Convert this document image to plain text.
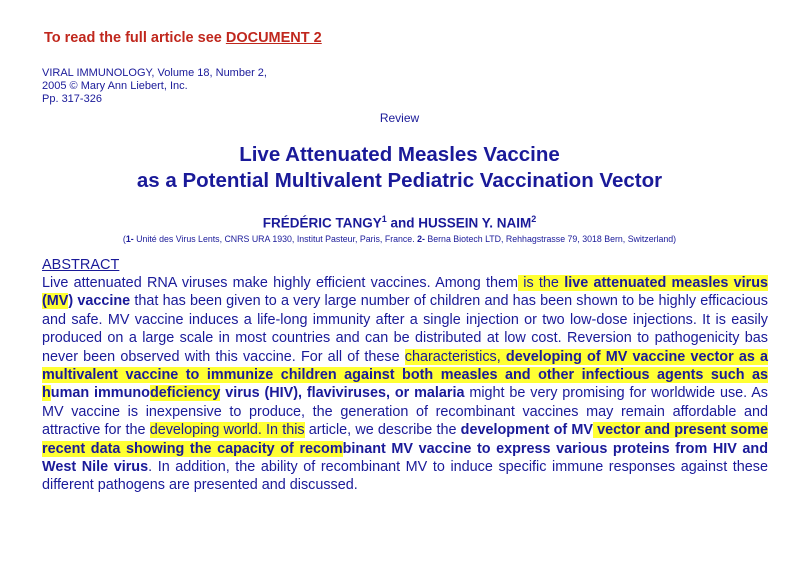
To read the full article see DOCUMENT 2
VIRAL IMMUNOLOGY, Volume 18, Number 2,
2005 © Mary Ann Liebert, Inc.
Pp. 317-326
Review
Live Attenuated Measles Vaccine
as a Potential Multivalent Pediatric Vaccination Vector
FRÉDÉRIC TANGY$^1$ and HUSSEIN Y. NAIM$^2$
(1- Unité des Virus Lents, CNRS URA 1930, Institut Pasteur, Paris, France. 2- Berna Biotech LTD, Rehhagstrasse 79, 3018 Bern, Switzerland)
ABSTRACT
Live attenuated RNA viruses make highly efficient vaccines. Among them is the live attenuated measles virus (MV) vaccine that has been given to a very large number of children and has been shown to be highly efficacious and safe. MV vaccine induces a life-long immunity after a single injection or two low-dose injections. It is easily produced on a large scale in most countries and can be distributed at low cost. Reversion to pathogenicity bas never been observed with this vaccine. For all of these characteristics, developing of MV vaccine vector as a multivalent vaccine to immunize children against both measles and other infectious agents such as human immunodeficiency virus (HIV), flaviviruses, or malaria might be very promising for worldwide use. As MV vaccine is inexpensive to produce, the generation of recombinant vaccines may remain affordable and attractive for the developing world. In this article, we describe the development of MV vector and present some recent data showing the capacity of recombinant MV vaccine to express various proteins from HIV and West Nile virus. In addition, the ability of recombinant MV to induce specific immune responses against these different pathogens are presented and discussed.
